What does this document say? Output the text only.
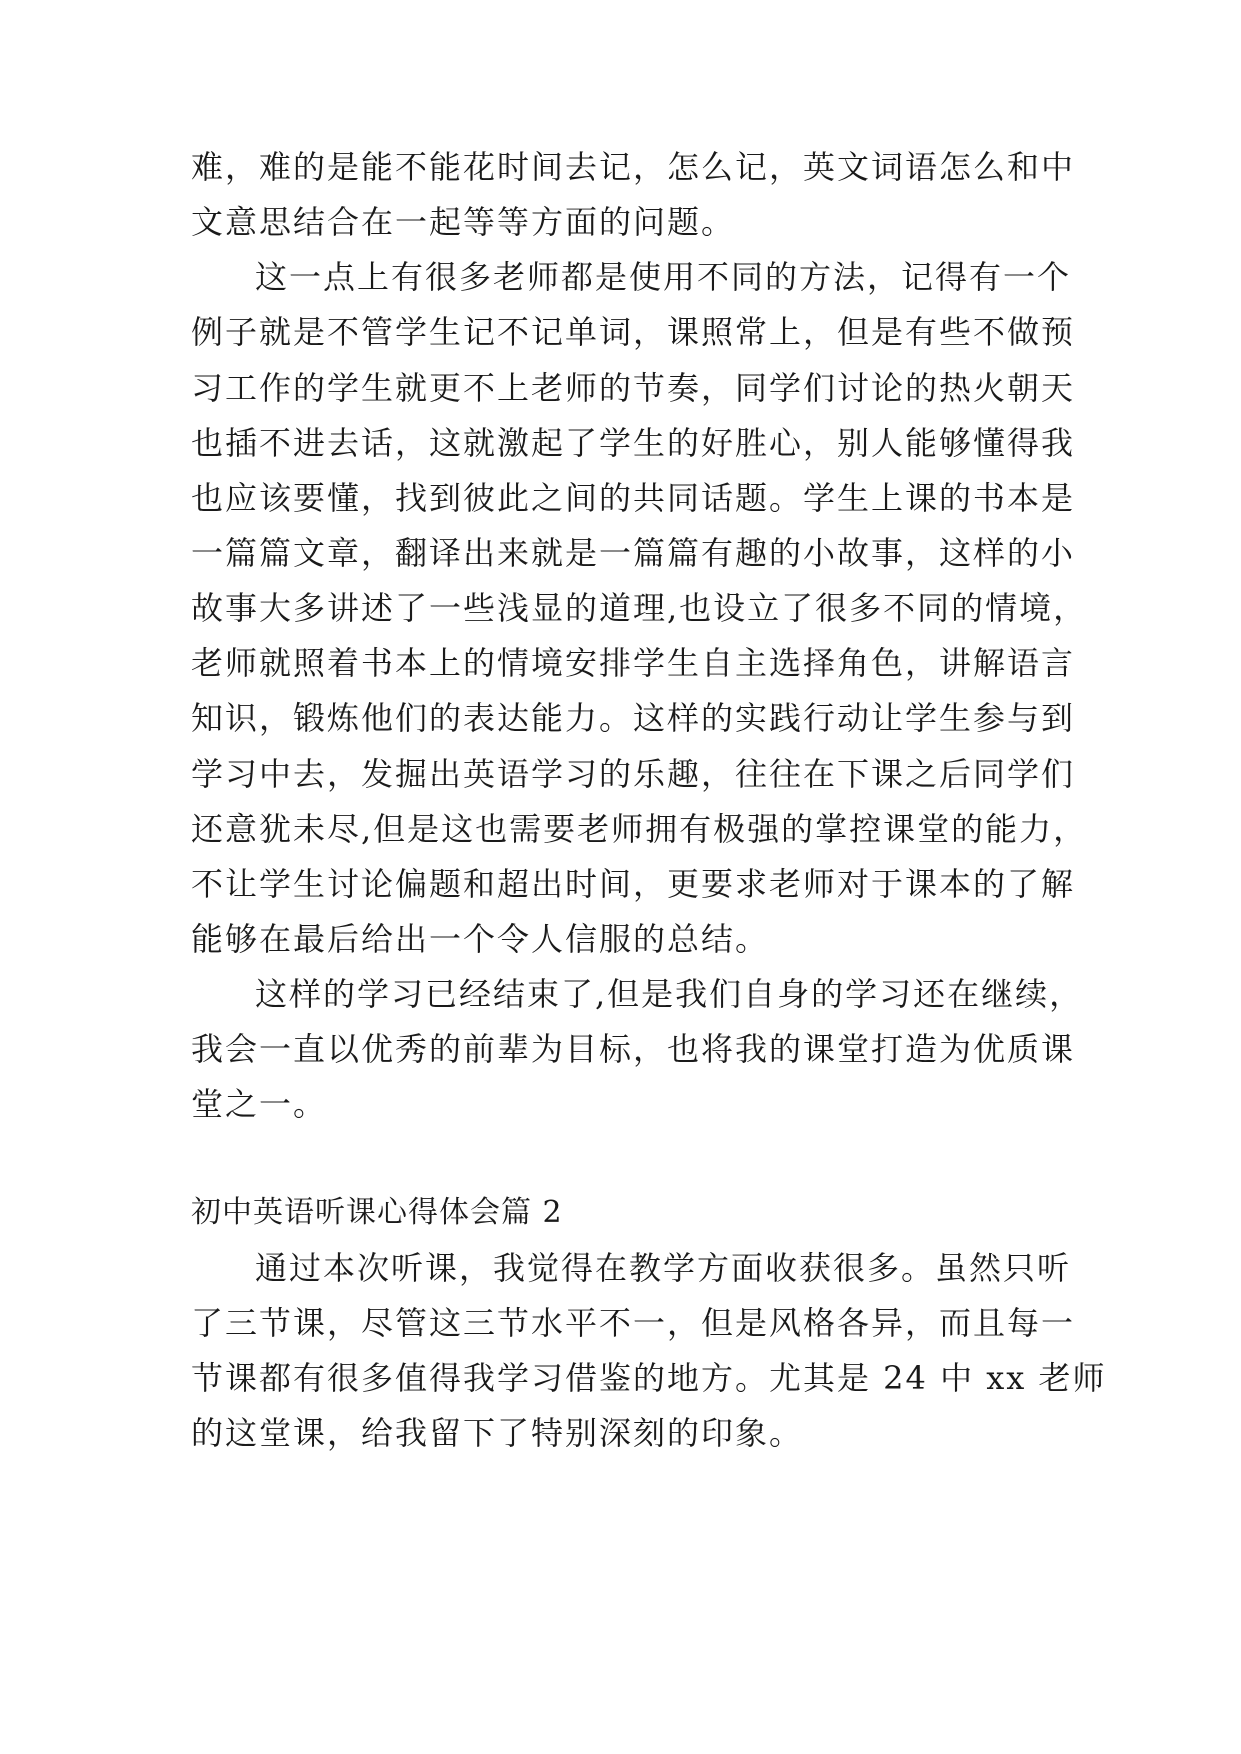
难，难的是能不能花时间去记，怎么记，英文词语怎么和中
文意思结合在一起等等方面的问题。
这一点上有很多老师都是使用不同的方法，记得有一个
例子就是不管学生记不记单词，课照常上，但是有些不做预
习工作的学生就更不上老师的节奏，同学们讨论的热火朝天
也插不进去话，这就激起了学生的好胜心，别人能够懂得我
也应该要懂，找到彼此之间的共同话题。学生上课的书本是
一篇篇文章，翻译出来就是一篇篇有趣的小故事，这样的小
故事大多讲述了一些浅显的道理,也设立了很多不同的情境，
老师就照着书本上的情境安排学生自主选择角色，讲解语言
知识，锻炼他们的表达能力。这样的实践行动让学生参与到
学习中去，发掘出英语学习的乐趣，往往在下课之后同学们
还意犹未尽,但是这也需要老师拥有极强的掌控课堂的能力，
不让学生讨论偏题和超出时间，更要求老师对于课本的了解
能够在最后给出一个令人信服的总结。
这样的学习已经结束了,但是我们自身的学习还在继续，
我会一直以优秀的前辈为目标，也将我的课堂打造为优质课
堂之一。
初中英语听课心得体会篇 2
通过本次听课，我觉得在教学方面收获很多。虽然只听
了三节课，尽管这三节水平不一，但是风格各异，而且每一
节课都有很多值得我学习借鉴的地方。尤其是 24 中 xx 老师
的这堂课，给我留下了特别深刻的印象。
